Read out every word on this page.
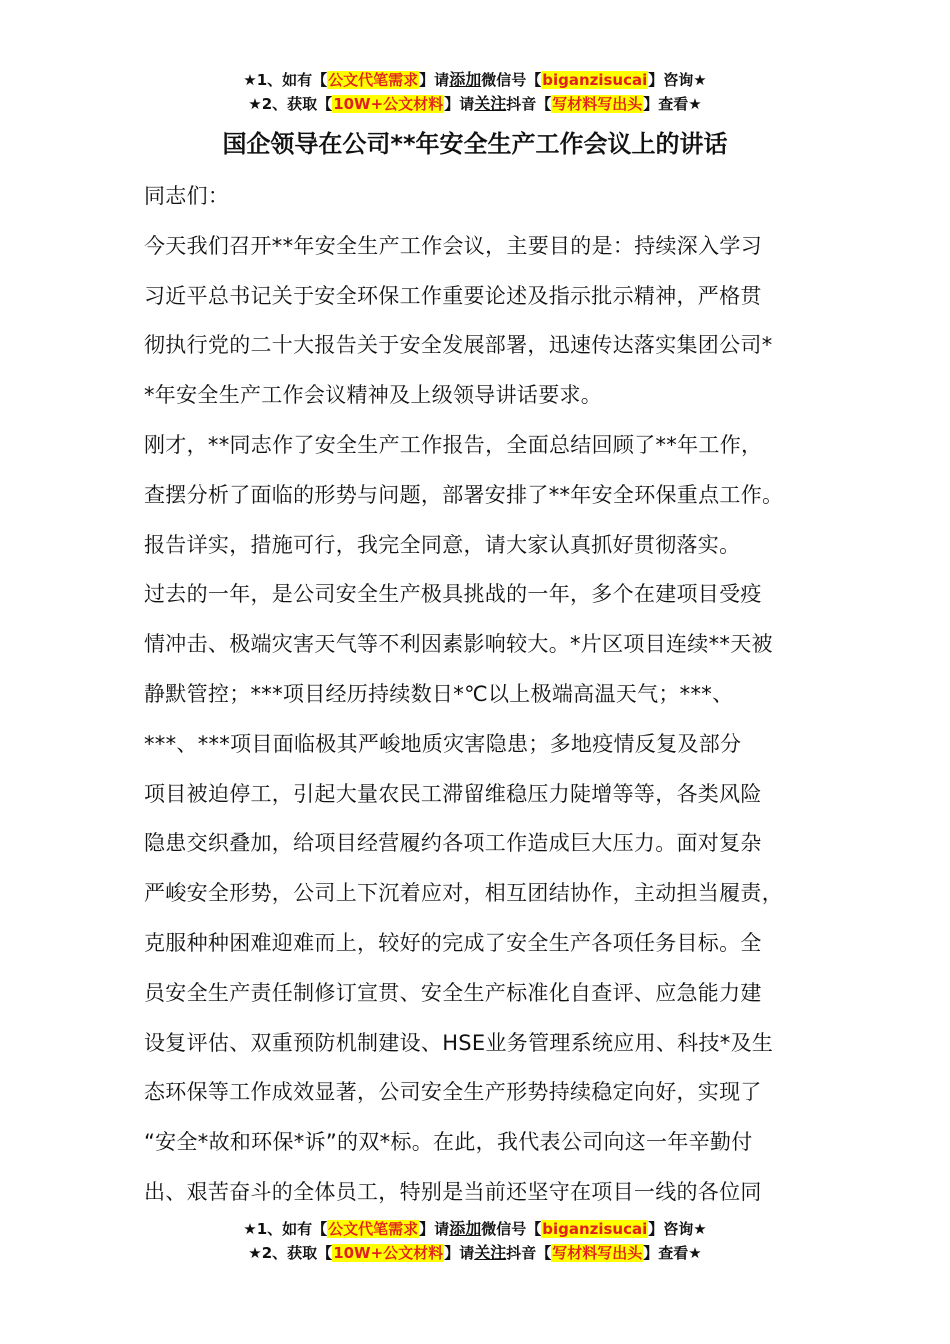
★1、如有【公文代笔需求】请添加微信号【biganzisucai】咨询★
★2、获取【10W+公文材料】请关注抖音【写材料写出头】查看★
国企领导在公司**年安全生产工作会议上的讲话

同志们：

今天我们召开**年安全生产工作会议，主要目的是：持续深入学习
习近平总书记关于安全环保工作重要论述及指示批示精神，严格贯
彻执行党的二十大报告关于安全发展部署，迅速传达落实集团公司*
*年安全生产工作会议精神及上级领导讲话要求。

刚才，**同志作了安全生产工作报告，全面总结回顾了**年工作，
查摆分析了面临的形势与问题，部署安排了**年安全环保重点工作。
报告详实，措施可行，我完全同意，请大家认真抓好贯彻落实。

过去的一年，是公司安全生产极具挑战的一年，多个在建项目受疫
情冲击、极端灾害天气等不利因素影响较大。*片区项目连续**天被
静默管控；***项目经历持续数日*℃以上极端高温天气；***、
***、***项目面临极其严峻地质灾害隐患；多地疫情反复及部分
项目被迫停工，引起大量农民工滞留维稳压力陡增等等，各类风险
隐患交织叠加，给项目经营履约各项工作造成巨大压力。面对复杂
严峻安全形势，公司上下沉着应对，相互团结协作，主动担当履责，
克服种种困难迎难而上，较好的完成了安全生产各项任务目标。全
员安全生产责任制修订宣贯、安全生产标准化自查评、应急能力建
设复评估、双重预防机制建设、HSE业务管理系统应用、科技*及生
态环保等工作成效显著，公司安全生产形势持续稳定向好，实现了
“安全*故和环保*诉”的双*标。在此，我代表公司向这一年辛勤付
出、艰苦奋斗的全体员工，特别是当前还坚守在项目一线的各位同

★1、如有【公文代笔需求】请添加微信号【biganzisucai】咨询★
★2、获取【10W+公文材料】请关注抖音【写材料写出头】查看★
